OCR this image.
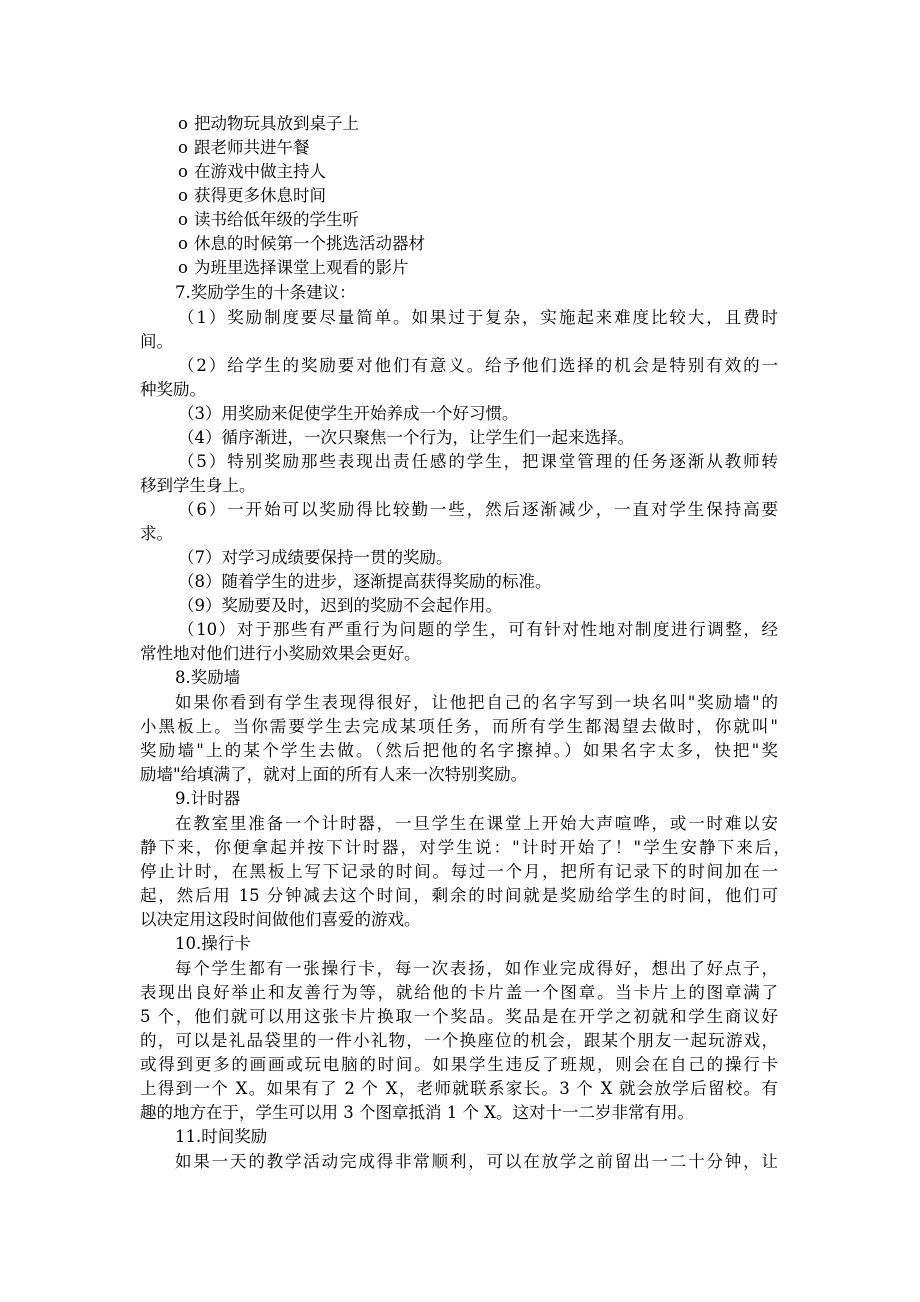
o 把动物玩具放到桌子上
o 跟老师共进午餐
o 在游戏中做主持人
o 获得更多休息时间
o 读书给低年级的学生听
o 休息的时候第一个挑选活动器材
o 为班里选择课堂上观看的影片
7.奖励学生的十条建议：
（1）奖励制度要尽量简单。如果过于复杂，实施起来难度比较大，且费时
间。
（2）给学生的奖励要对他们有意义。给予他们选择的机会是特别有效的一
种奖励。
（3）用奖励来促使学生开始养成一个好习惯。
（4）循序渐进，一次只聚焦一个行为，让学生们一起来选择。
（5）特别奖励那些表现出责任感的学生，把课堂管理的任务逐渐从教师转
移到学生身上。
（6）一开始可以奖励得比较勤一些，然后逐渐减少，一直对学生保持高要
求。
（7）对学习成绩要保持一贯的奖励。
（8）随着学生的进步，逐渐提高获得奖励的标准。
（9）奖励要及时，迟到的奖励不会起作用。
（10）对于那些有严重行为问题的学生，可有针对性地对制度进行调整，经
常性地对他们进行小奖励效果会更好。
8.奖励墙
如果你看到有学生表现得很好，让他把自己的名字写到一块名叫"奖励墙"的
小黑板上。当你需要学生去完成某项任务，而所有学生都渴望去做时，你就叫"
奖励墙"上的某个学生去做。（然后把他的名字擦掉。）如果名字太多，快把"奖
励墙"给填满了，就对上面的所有人来一次特别奖励。
9.计时器
在教室里准备一个计时器，一旦学生在课堂上开始大声喧哗，或一时难以安
静下来，你便拿起并按下计时器，对学生说："计时开始了！"学生安静下来后，
停止计时，在黑板上写下记录的时间。每过一个月，把所有记录下的时间加在一
起，然后用 15 分钟减去这个时间，剩余的时间就是奖励给学生的时间，他们可
以决定用这段时间做他们喜爱的游戏。
10.操行卡
每个学生都有一张操行卡，每一次表扬，如作业完成得好，想出了好点子，
表现出良好举止和友善行为等，就给他的卡片盖一个图章。当卡片上的图章满了
5 个，他们就可以用这张卡片换取一个奖品。奖品是在开学之初就和学生商议好
的，可以是礼品袋里的一件小礼物，一个换座位的机会，跟某个朋友一起玩游戏，
或得到更多的画画或玩电脑的时间。如果学生违反了班规，则会在自己的操行卡
上得到一个 X。如果有了 2 个 X，老师就联系家长。3 个 X 就会放学后留校。有
趣的地方在于，学生可以用 3 个图章抵消 1 个 X。这对十一二岁非常有用。
11.时间奖励
如果一天的教学活动完成得非常顺利，可以在放学之前留出一二十分钟，让
